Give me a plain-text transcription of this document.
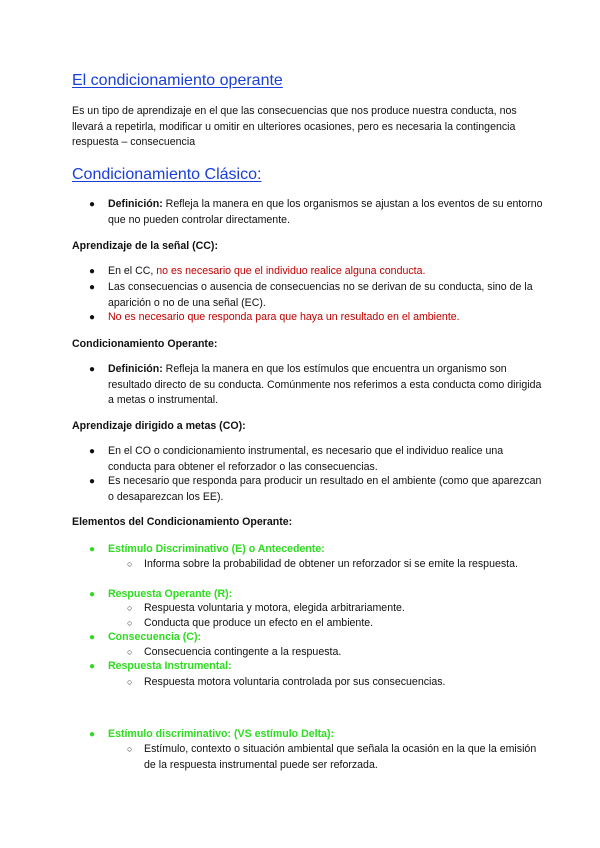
El condicionamiento operante

Es un tipo de aprendizaje en el que las consecuencias que nos produce nuestra conducta, nos llevará a repetirla, modificar u omitir en ulteriores ocasiones, pero es necesaria la contingencia respuesta – consecuencia

Condicionamiento Clásico:
● Definición: Refleja la manera en que los organismos se ajustan a los eventos de su entorno que no pueden controlar directamente.
Aprendizaje de la señal (CC):
● En el CC, no es necesario que el individuo realice alguna conducta.
● Las consecuencias o ausencia de consecuencias no se derivan de su conducta, sino de la aparición o no de una señal (EC).
● No es necesario que responda para que haya un resultado en el ambiente.
Condicionamiento Operante:
● Definición: Refleja la manera en que los estímulos que encuentra un organismo son resultado directo de su conducta. Comúnmente nos referimos a esta conducta como dirigida a metas o instrumental.
Aprendizaje dirigido a metas (CO):
● En el CO o condicionamiento instrumental, es necesario que el individuo realice una conducta para obtener el reforzador o las consecuencias.
● Es necesario que responda para producir un resultado en el ambiente (como que aparezcan o desaparezcan los EE).
Elementos del Condicionamiento Operante:
● Estímulo Discriminativo (E) o Antecedente:
○ Informa sobre la probabilidad de obtener un reforzador si se emite la respuesta.
● Respuesta Operante (R):
○ Respuesta voluntaria y motora, elegida arbitrariamente.
○ Conducta que produce un efecto en el ambiente.
● Consecuencia (C):
○ Consecuencia contingente a la respuesta.
● Respuesta Instrumental:
○ Respuesta motora voluntaria controlada por sus consecuencias.
● Estímulo discriminativo: (VS estímulo Delta):
○ Estímulo, contexto o situación ambiental que señala la ocasión en la que la emisión de la respuesta instrumental puede ser reforzada.
